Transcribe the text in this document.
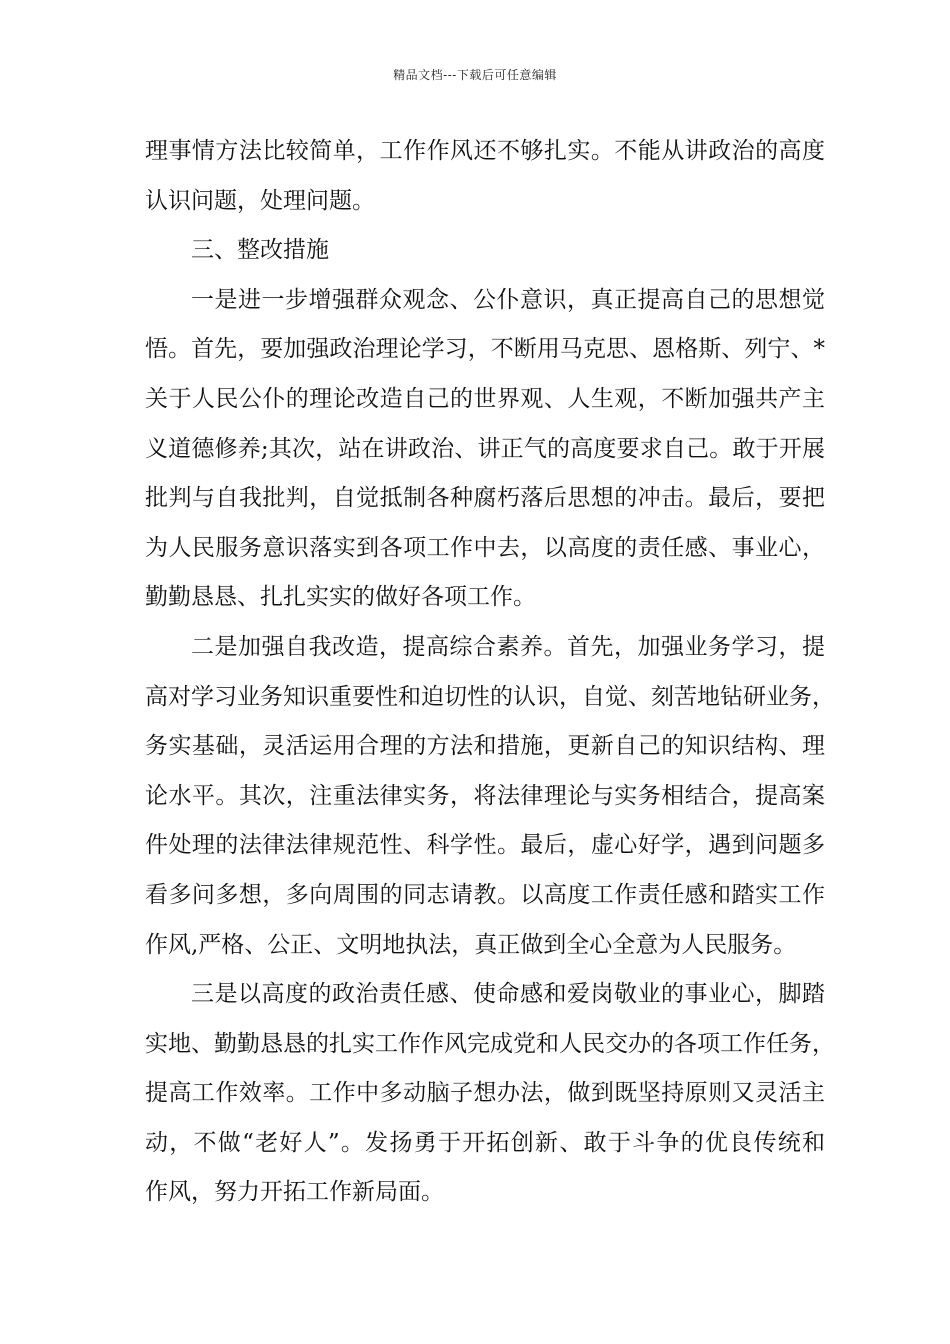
精品文档---下载后可任意编辑
理事情方法比较简单，工作作风还不够扎实。不能从讲政治的高度
认识问题，处理问题。
三、整改措施
一是进一步增强群众观念、公仆意识，真正提高自己的思想觉
悟。首先，要加强政治理论学习，不断用马克思、恩格斯、列宁、*
关于人民公仆的理论改造自己的世界观、人生观，不断加强共产主
义道德修养;其次，站在讲政治、讲正气的高度要求自己。敢于开展
批判与自我批判，自觉抵制各种腐朽落后思想的冲击。最后，要把
为人民服务意识落实到各项工作中去，以高度的责任感、事业心，
勤勤恳恳、扎扎实实的做好各项工作。
二是加强自我改造，提高综合素养。首先，加强业务学习，提
高对学习业务知识重要性和迫切性的认识，自觉、刻苦地钻研业务，
务实基础，灵活运用合理的方法和措施，更新自己的知识结构、理
论水平。其次，注重法律实务，将法律理论与实务相结合，提高案
件处理的法律法律规范性、科学性。最后，虚心好学，遇到问题多
看多问多想，多向周围的同志请教。以高度工作责任感和踏实工作
作风,严格、公正、文明地执法，真正做到全心全意为人民服务。
三是以高度的政治责任感、使命感和爱岗敬业的事业心，脚踏
实地、勤勤恳恳的扎实工作作风完成党和人民交办的各项工作任务，
提高工作效率。工作中多动脑子想办法，做到既坚持原则又灵活主
动，不做“老好人”。发扬勇于开拓创新、敢于斗争的优良传统和
作风，努力开拓工作新局面。
